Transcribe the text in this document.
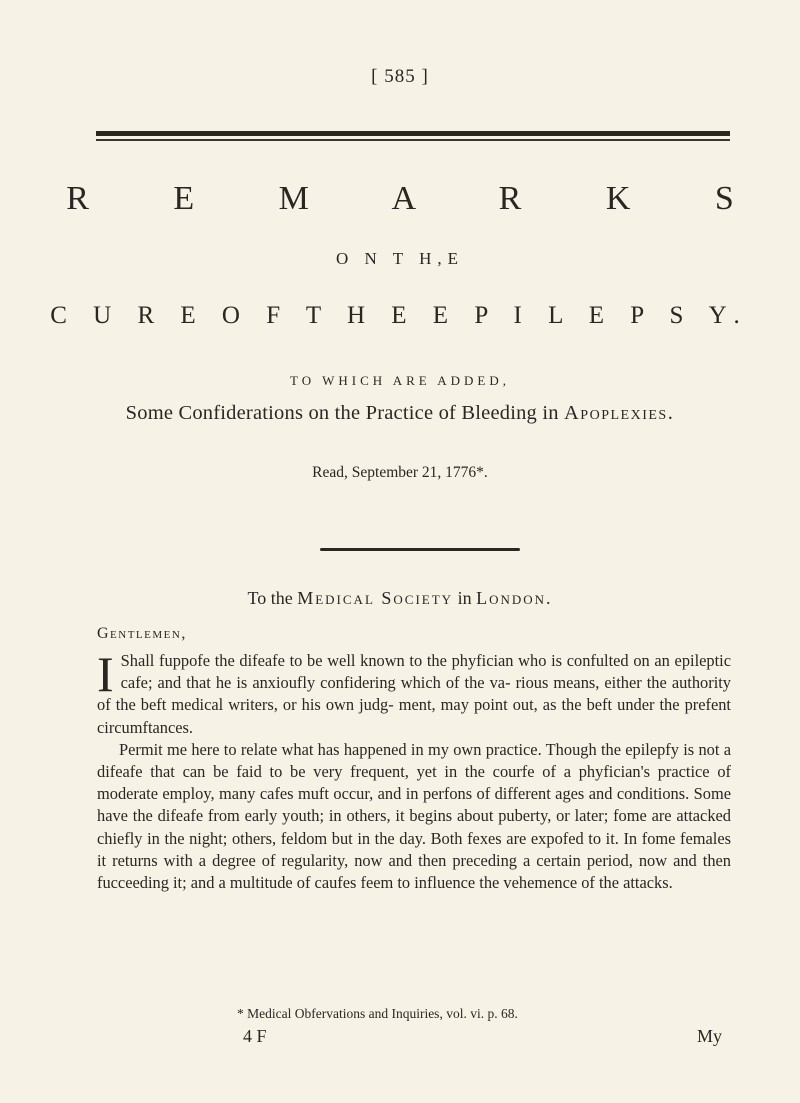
[ 585 ]
R E M A R K S
O N T H,E
C U R E O F T H E E P I L E P S Y.
TO WHICH ARE ADDED,
Some Confiderations on the Practice of Bleeding in Apoplexies.
Read, September 21, 1776*.
To the Medical Society in London.
Gentlemen,

I Shall fuppofe the difeafe to be well known to the phyfician who is confulted on an epileptic cafe; and that he is anxioufly confidering which of the va- rious means, either the authority of the beft medical writers, or his own judg- ment, may point out, as the beft under the prefent circumftances.

Permit me here to relate what has happened in my own practice. Though the epilepfy is not a difeafe that can be faid to be very frequent, yet in the courfe of a phyfician's practice of moderate employ, many cafes muft occur, and in perfons of different ages and conditions. Some have the difeafe from early youth; in others, it begins about puberty, or later; fome are attacked chiefly in the night; others, feldom but in the day. Both fexes are expofed to it. In fome females it returns with a degree of regularity, now and then preceding a certain period, now and then fucceeding it; and a multitude of caufes feem to influence the vehemence of the attacks.

* Medical Obfervations and Inquiries, vol. vi. p. 68.
4 F	My
